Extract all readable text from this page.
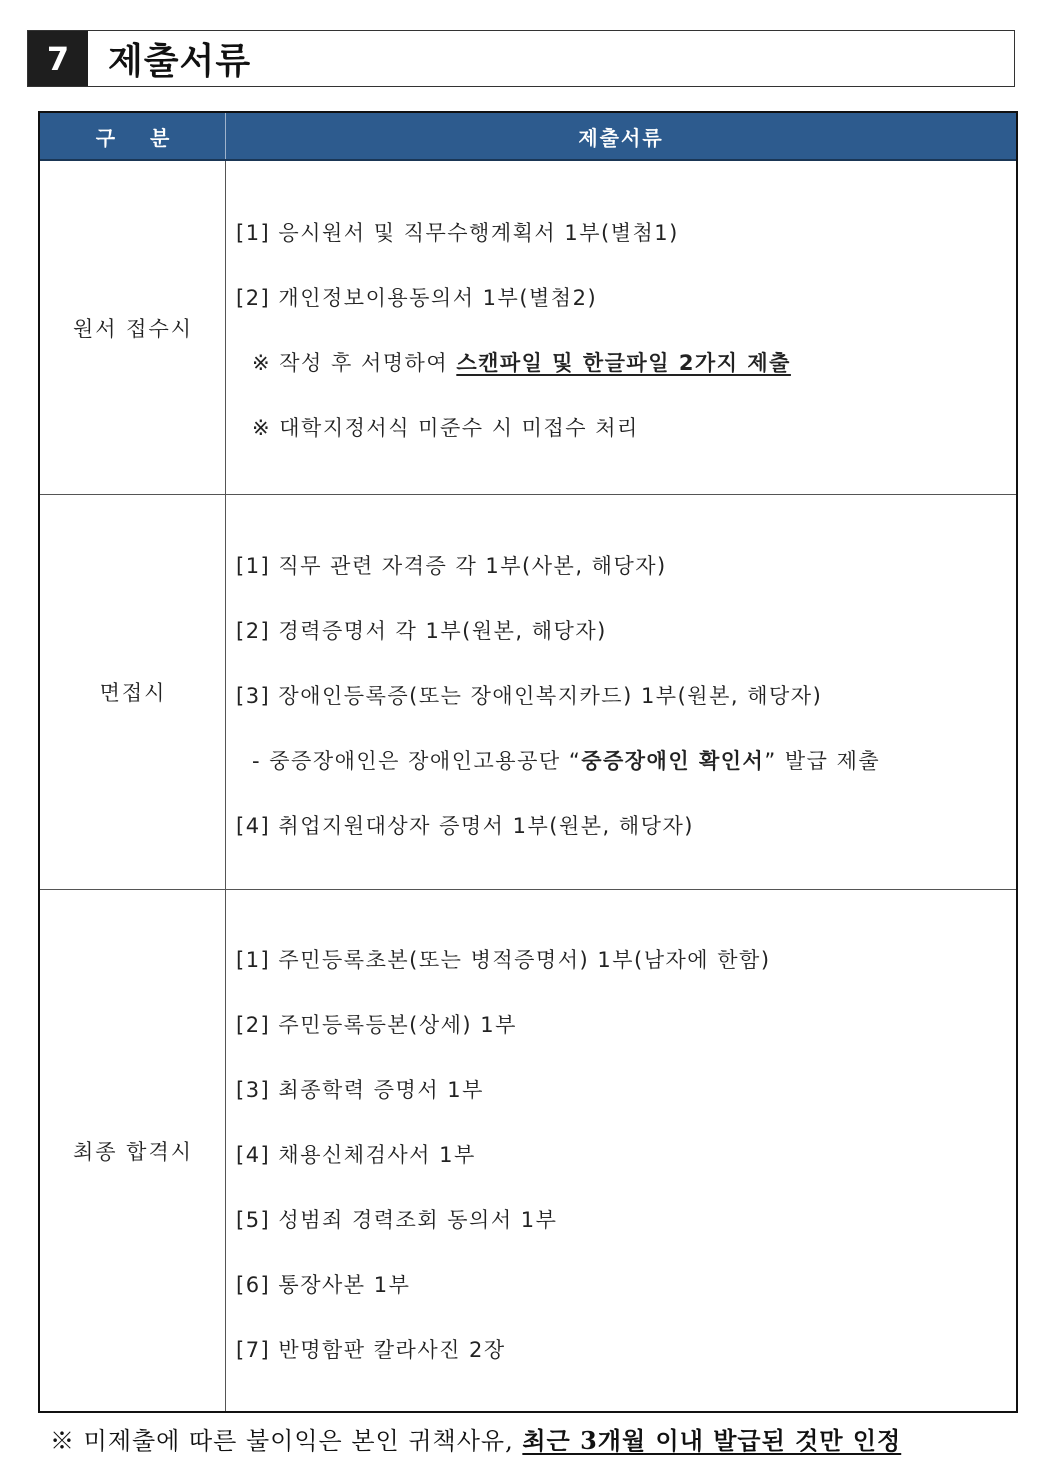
7	제출서류
구 분	제출서류
원서 접수시
[1] 응시원서 및 직무수행계획서 1부(별첨1)
[2] 개인정보이용동의서 1부(별첨2)
※ 작성 후 서명하여 스캔파일 및 한글파일 2가지 제출
※ 대학지정서식 미준수 시 미접수 처리
면접시
[1] 직무 관련 자격증 각 1부(사본, 해당자)
[2] 경력증명서 각 1부(원본, 해당자)
[3] 장애인등록증(또는 장애인복지카드) 1부(원본, 해당자)
- 중증장애인은 장애인고용공단 “중증장애인 확인서” 발급 제출
[4] 취업지원대상자 증명서 1부(원본, 해당자)
최종 합격시
[1] 주민등록초본(또는 병적증명서) 1부(남자에 한함)
[2] 주민등록등본(상세) 1부
[3] 최종학력 증명서 1부
[4] 채용신체검사서 1부
[5] 성범죄 경력조회 동의서 1부
[6] 통장사본 1부
[7] 반명함판 칼라사진 2장
※ 미제출에 따른 불이익은 본인 귀책사유, 최근 3개월 이내 발급된 것만 인정
